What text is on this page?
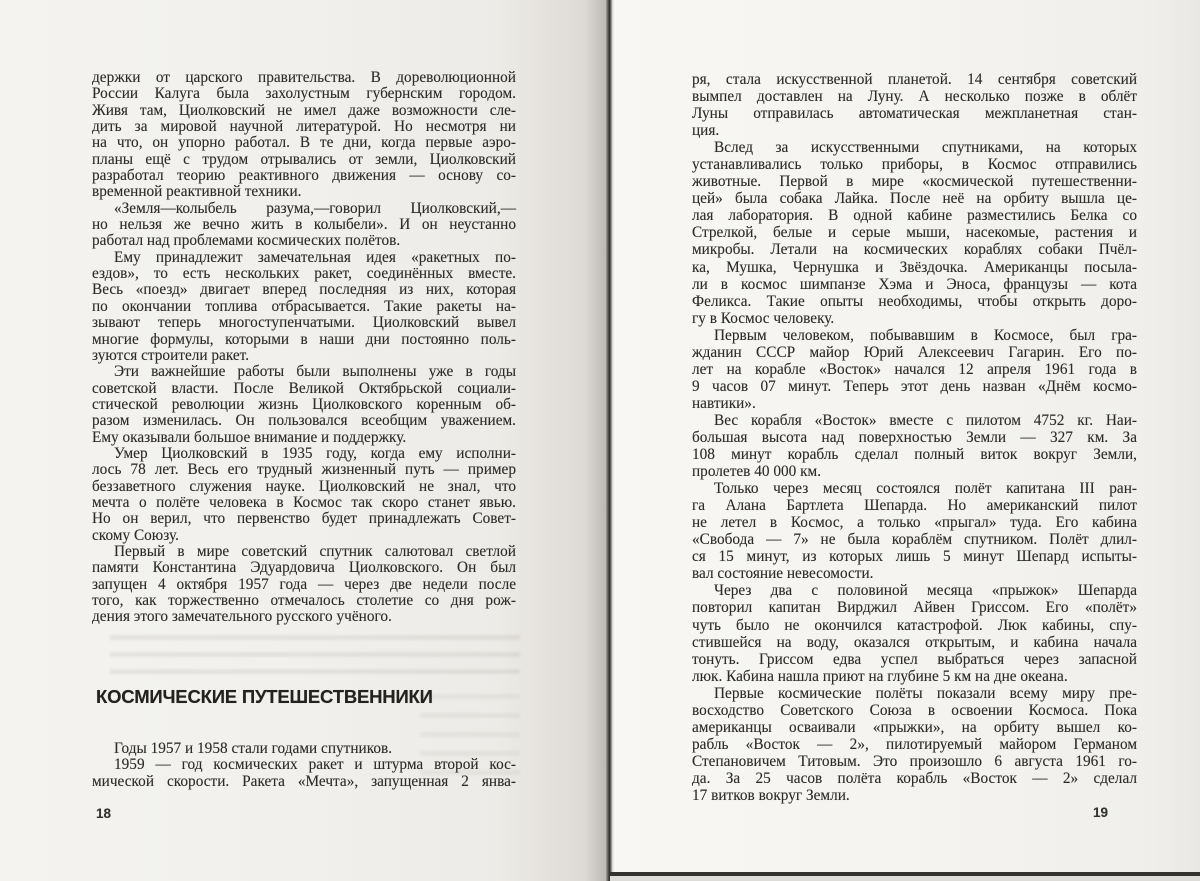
держки от царского правительства. В дореволюционной
России Калуга была захолустным губернским городом.
Живя там, Циолковский не имел даже возможности сле-
дить за мировой научной литературой. Но несмотря ни
на что, он упорно работал. В те дни, когда первые аэро-
планы ещё с трудом отрывались от земли, Циолковский
разработал теорию реактивного движения — основу со-
временной реактивной техники.
«Земля—колыбель разума,—говорил Циолковский,—
но нельзя же вечно жить в колыбели». И он неустанно
работал над проблемами космических полётов.
Ему принадлежит замечательная идея «ракетных по-
ездов», то есть нескольких ракет, соединённых вместе.
Весь «поезд» двигает вперед последняя из них, которая
по окончании топлива отбрасывается. Такие ракеты на-
зывают теперь многоступенчатыми. Циолковский вывел
многие формулы, которыми в наши дни постоянно поль-
зуются строители ракет.
Эти важнейшие работы были выполнены уже в годы
советской власти. После Великой Октябрьской социали-
стической революции жизнь Циолковского коренным об-
разом изменилась. Он пользовался всеобщим уважением.
Ему оказывали большое внимание и поддержку.
Умер Циолковский в 1935 году, когда ему исполни-
лось 78 лет. Весь его трудный жизненный путь — пример
беззаветного служения науке. Циолковский не знал, что
мечта о полёте человека в Космос так скоро станет явью.
Но он верил, что первенство будет принадлежать Совет-
скому Союзу.
Первый в мире советский спутник салютовал светлой
памяти Константина Эдуардовича Циолковского. Он был
запущен 4 октября 1957 года — через две недели после
того, как торжественно отмечалось столетие со дня рож-
дения этого замечательного русского учёного.
КОСМИЧЕСКИЕ ПУТЕШЕСТВЕННИКИ
Годы 1957 и 1958 стали годами спутников.
1959 — год космических ракет и штурма второй кос-
мической скорости. Ракета «Мечта», запущенная 2 янва-
18
ря, стала искусственной планетой. 14 сентября советский
вымпел доставлен на Луну. А несколько позже в облёт
Луны отправилась автоматическая межпланетная стан-
ция.
Вслед за искусственными спутниками, на которых
устанавливались только приборы, в Космос отправились
животные. Первой в мире «космической путешественни-
цей» была собака Лайка. После неё на орбиту вышла це-
лая лаборатория. В одной кабине разместились Белка со
Стрелкой, белые и серые мыши, насекомые, растения и
микробы. Летали на космических кораблях собаки Пчёл-
ка, Мушка, Чернушка и Звёздочка. Американцы посыла-
ли в космос шимпанзе Хэма и Эноса, французы — кота
Феликса. Такие опыты необходимы, чтобы открыть доро-
гу в Космос человеку.
Первым человеком, побывавшим в Космосе, был гра-
жданин СССР майор Юрий Алексеевич Гагарин. Его по-
лет на корабле «Восток» начался 12 апреля 1961 года в
9 часов 07 минут. Теперь этот день назван «Днём космо-
навтики».
Вес корабля «Восток» вместе с пилотом 4752 кг. Наи-
большая высота над поверхностью Земли — 327 км. За
108 минут корабль сделал полный виток вокруг Земли,
пролетев 40 000 км.
Только через месяц состоялся полёт капитана III ран-
га Алана Бартлета Шепарда. Но американский пилот
не летел в Космос, а только «прыгал» туда. Его кабина
«Свобода — 7» не была кораблём спутником. Полёт длил-
ся 15 минут, из которых лишь 5 минут Шепард испыты-
вал состояние невесомости.
Через два с половиной месяца «прыжок» Шепарда
повторил капитан Вирджил Айвен Гриссом. Его «полёт»
чуть было не окончился катастрофой. Люк кабины, спу-
стившейся на воду, оказался открытым, и кабина начала
тонуть. Гриссом едва успел выбраться через запасной
люк. Кабина нашла приют на глубине 5 км на дне океана.
Первые космические полёты показали всему миру пре-
восходство Советского Союза в освоении Космоса. Пока
американцы осваивали «прыжки», на орбиту вышел ко-
рабль «Восток — 2», пилотируемый майором Германом
Степановичем Титовым. Это произошло 6 августа 1961 го-
да. За 25 часов полёта корабль «Восток — 2» сделал
17 витков вокруг Земли.
19
